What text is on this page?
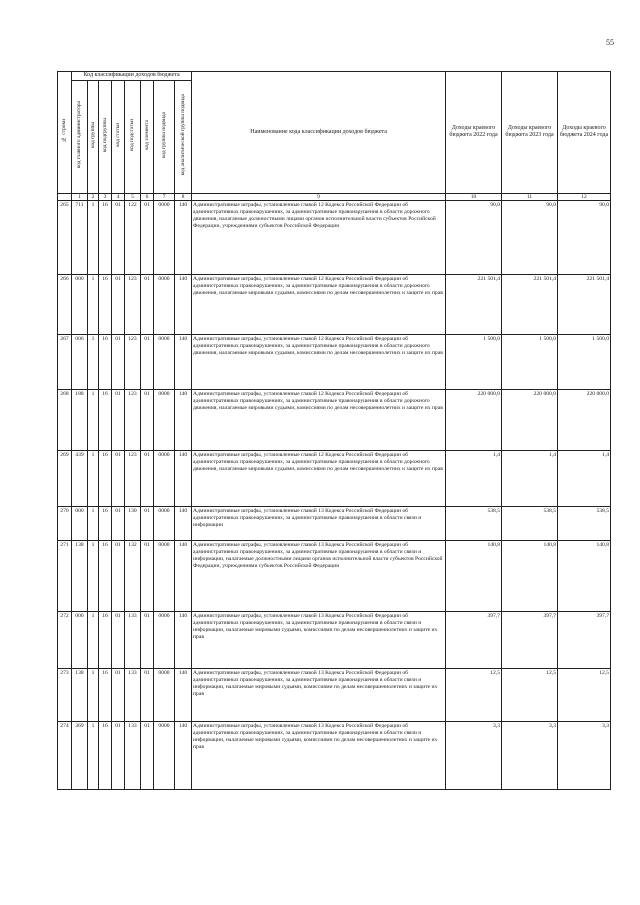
55
№ строки	Код классификации доходов бюджета								Наименование кода классификации доходов бюджета	Доходы краевого бюджета 2022 года	Доходы краевого бюджета 2023 года	Доходы краевого бюджета 2024 года
	код главного администратора	код группы	код подгруппы	код статьи	код подстатьи	код элемента	код группы подвида	код аналитической группы подвида				
	1	2	3	4	5	6	7	8	9	10	11	12
265	711	1	16	01	122	01	0000	140	Административные штрафы, установленные главой 12 Кодекса Российской Федерации об административных правонарушениях, за административные правонарушения в области дорожного движения, налагаемые должностными лицами органов исполнительной власти субъектов Российской Федерации, учреждениями субъектов Российской Федерации	90,0	90,0	90,0
266	000	1	16	01	123	01	0000	140	Административные штрафы, установленные главой 12 Кодекса Российской Федерации об административных правонарушениях, за административные правонарушения в области дорожного движения, налагаемые мировыми судьями, комиссиями по делам несовершеннолетних и защите их прав	221 501,4	221 501,4	221 501,4
267	006	1	16	01	123	01	0000	140	Административные штрафы, установленные главой 12 Кодекса Российской Федерации об административных правонарушениях, за административные правонарушения в области дорожного движения, налагаемые мировыми судьями, комиссиями по делам несовершеннолетних и защите их прав	1 500,0	1 500,0	1 500,0
268	188	1	16	01	123	01	0000	140	Административные штрафы, установленные главой 12 Кодекса Российской Федерации об административных правонарушениях, за административные правонарушения в области дорожного движения, налагаемые мировыми судьями, комиссиями по делам несовершеннолетних и защите их прав	220 000,0	220 000,0	220 000,0
269	439	1	16	01	123	01	0000	140	Административные штрафы, установленные главой 12 Кодекса Российской Федерации об административных правонарушениях, за административные правонарушения в области дорожного движения, налагаемые мировыми судьями, комиссиями по делам несовершеннолетних и защите их прав	1,4	1,4	1,4
270	000	1	16	01	130	01	0000	140	Административные штрафы, установленные главой 13 Кодекса Российской Федерации об административных правонарушениях, за административные правонарушения в области связи и информации	538,5	538,5	538,5
271	138	1	16	01	132	01	0000	140	Административные штрафы, установленные главой 13 Кодекса Российской Федерации об административных правонарушениях, за административные правонарушения в области связи и информации, налагаемые должностными лицами органов исполнительной власти субъектов Российской Федерации, учреждениями субъектов Российской Федерации	140,8	140,8	140,8
272	000	1	16	01	133	01	0000	140	Административные штрафы, установленные главой 13 Кодекса Российской Федерации об административных правонарушениях, за административные правонарушения в области связи и информации, налагаемые мировыми судьями, комиссиями по делам несовершеннолетних и защите их прав	397,7	397,7	397,7
273	138	1	16	01	133	01	0000	140	Административные штрафы, установленные главой 13 Кодекса Российской Федерации об административных правонарушениях, за административные правонарушения в области связи и информации, налагаемые мировыми судьями, комиссиями по делам несовершеннолетних и защите их прав	12,5	12,5	12,5
274	369	1	16	01	133	01	0000	140	Административные штрафы, установленные главой 13 Кодекса Российской Федерации об административных правонарушениях, за административные правонарушения в области связи и информации, налагаемые мировыми судьями, комиссиями по делам несовершеннолетних и защите их прав	3,3	3,3	3,3
